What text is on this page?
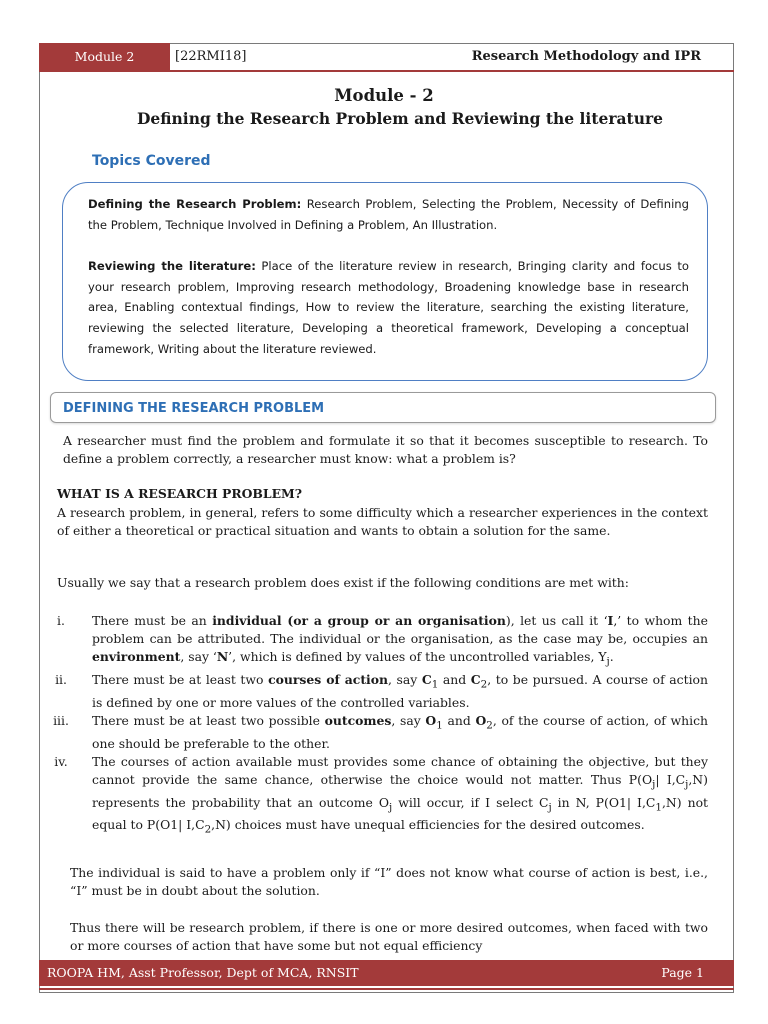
Module 2	[22RMI18]	Research Methodology and IPR
Module - 2
Defining the Research Problem and Reviewing the literature
Topics Covered

Defining the Research Problem: Research Problem, Selecting the Problem, Necessity of Defining the Problem, Technique Involved in Defining a Problem, An Illustration.

Reviewing the literature: Place of the literature review in research, Bringing clarity and focus to your research problem, Improving research methodology, Broadening knowledge base in research area, Enabling contextual findings, How to review the literature, searching the existing literature, reviewing the selected literature, Developing a theoretical framework, Developing a conceptual framework, Writing about the literature reviewed.

DEFINING THE RESEARCH PROBLEM
A researcher must find the problem and formulate it so that it becomes susceptible to research. To define a problem correctly, a researcher must know: what a problem is?
WHAT IS A RESEARCH PROBLEM?
A research problem, in general, refers to some difficulty which a researcher experiences in the context of either a theoretical or practical situation and wants to obtain a solution for the same.
Usually we say that a research problem does exist if the following conditions are met with:
i.	There must be an individual (or a group or an organisation), let us call it ‘I,’ to whom the problem can be attributed. The individual or the organisation, as the case may be, occupies an environment, say ‘N’, which is defined by values of the uncontrolled variables, $Y_j$.
ii. There must be at least two courses of action, say $C_1$ and $C_2$, to be pursued. A course of action is defined by one or more values of the controlled variables.
iii. There must be at least two possible outcomes, say $O_1$ and $O_2$, of the course of action, of which one should be preferable to the other.
iv. The courses of action available must provides some chance of obtaining the objective, but they cannot provide the same chance, otherwise the choice would not matter. Thus $P(O_j|$ $I,C_j,N$) represents the probability that an outcome $O_j$ will occur, if I select $C_j$ in N, P(O1| $I,C_1,N$) not equal to P(O1| $I,C_2,N$) choices must have unequal efficiencies for the desired outcomes.
The individual is said to have a problem only if “I” does not know what course of action is best, i.e., “I” must be in doubt about the solution.
Thus there will be research problem, if there is one or more desired outcomes, when faced with two or more courses of action that have some but not equal efficiency
ROOPA HM, Asst Professor, Dept of MCA, RNSIT	Page 1
